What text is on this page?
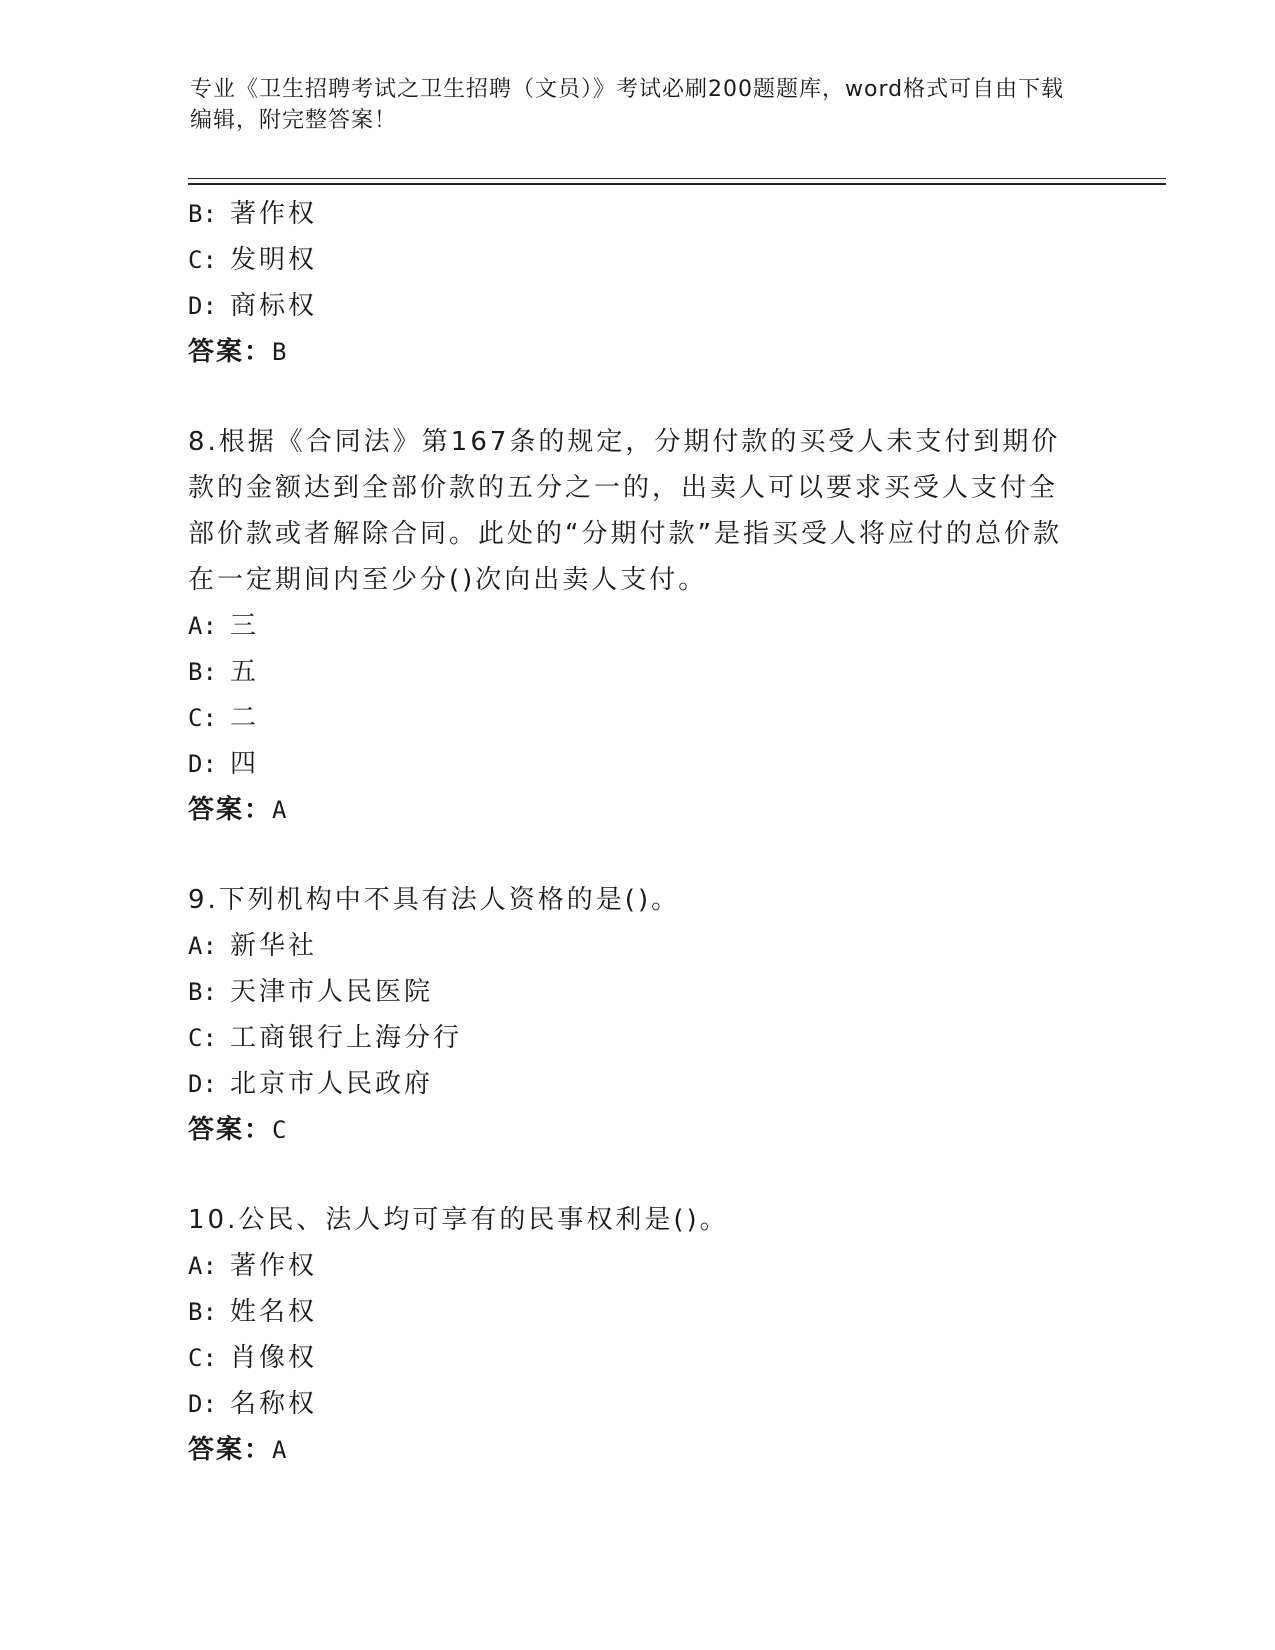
专业《卫生招聘考试之卫生招聘（文员）》考试必刷200题题库，word格式可自由下载编辑，附完整答案！
B: 著作权
C: 发明权
D: 商标权
答案：B
8.根据《合同法》第167条的规定，分期付款的买受人未支付到期价款的金额达到全部价款的五分之一的，出卖人可以要求买受人支付全部价款或者解除合同。此处的“分期付款”是指买受人将应付的总价款在一定期间内至少分()次向出卖人支付。
A: 三
B: 五
C: 二
D: 四
答案：A
9.下列机构中不具有法人资格的是()。
A: 新华社
B: 天津市人民医院
C: 工商银行上海分行
D: 北京市人民政府
答案：C
10.公民、法人均可享有的民事权利是()。
A: 著作权
B: 姓名权
C: 肖像权
D: 名称权
答案：A
